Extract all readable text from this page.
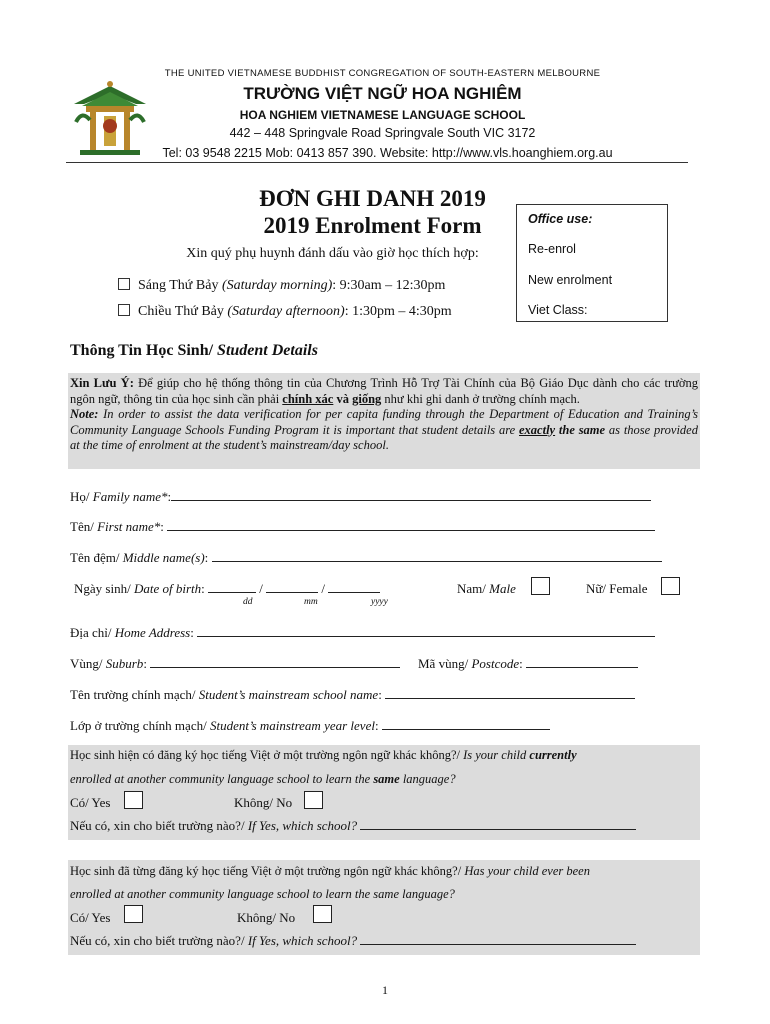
THE UNITED VIETNAMESE BUDDHIST CONGREGATION OF SOUTH-EASTERN MELBOURNE
TRƯỜNG VIỆT NGỮ HOA NGHIÊM
HOA NGHIEM VIETNAMESE LANGUAGE SCHOOL
442 – 448 Springvale Road Springvale South VIC 3172
Tel: 03 9548 2215 Mob: 0413 857 390. Website: http://www.vls.hoanghiem.org.au
ĐƠN GHI DANH 2019
2019 Enrolment Form
Xin quý phụ huynh đánh dấu vào giờ học thích hợp:
Sáng Thứ Bảy (Saturday morning): 9:30am – 12:30pm
Chiều Thứ Bảy (Saturday afternoon): 1:30pm – 4:30pm
Office use:
Re-enrol
New enrolment
Viet Class:
Thông Tin Học Sinh/ Student Details

Xin Lưu Ý: Để giúp cho hệ thống thông tin của Chương Trình Hỗ Trợ Tài Chính của Bộ Giáo Dục dành cho các trường ngôn ngữ, thông tin của học sinh cần phải chính xác và giống như khi ghi danh ở trường chính mạch.

Note: In order to assist the data verification for per capita funding through the Department of Education and Training’s Community Language Schools Funding Program it is important that student details are exactly the same as those provided at the time of enrolment at the student’s mainstream/day school.

Họ/ Family name*:
Tên/ First name*:
Tên đệm/ Middle name(s):
Ngày sinh/ Date of birth:	/	/
dd	mm	yyyy
Nam/ Male	Nữ/ Female
Địa chỉ/ Home Address:
Vùng/ Suburb:	Mã vùng/ Postcode:
Tên trường chính mạch/ Student’s mainstream school name:
Lớp ở trường chính mạch/ Student’s mainstream year level:
Học sinh hiện có đăng ký học tiếng Việt ở một trường ngôn ngữ khác không?/ Is your child currently
enrolled at another community language school to learn the same language?
Có/ Yes	Không/ No
Nếu có, xin cho biết trường nào?/ If Yes, which school?
Học sinh đã từng đăng ký học tiếng Việt ở một trường ngôn ngữ khác không?/ Has your child ever been
enrolled at another community language school to learn the same language?
Có/ Yes	Không/ No
Nếu có, xin cho biết trường nào?/ If Yes, which school?
1
